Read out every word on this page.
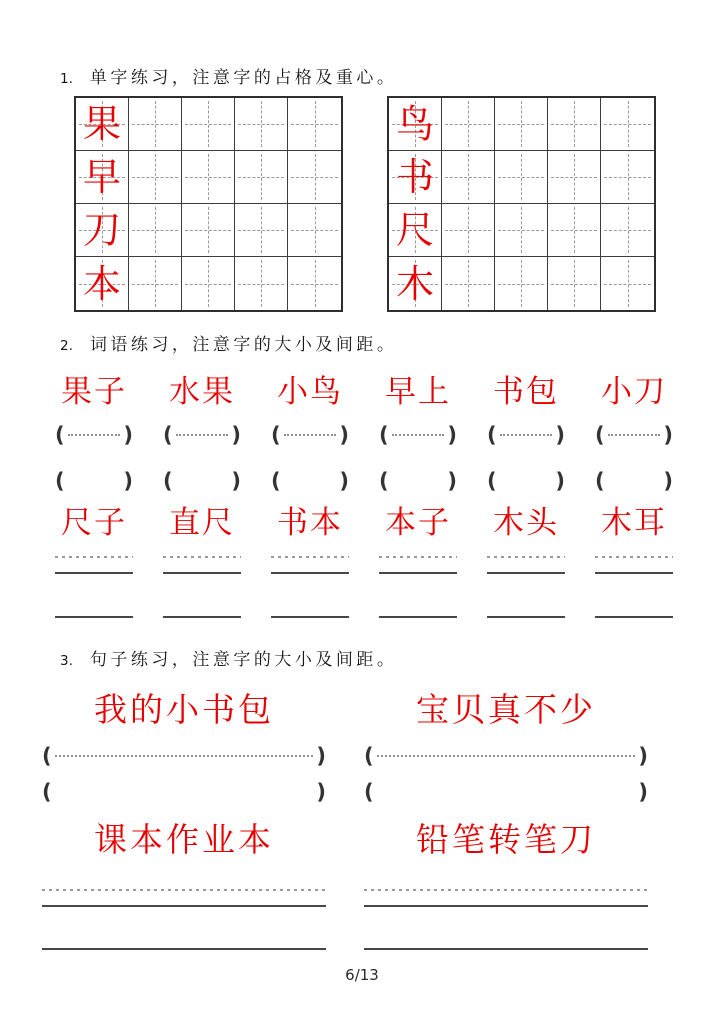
1. 单字练习，注意字的占格及重心。
果
早
刀
本
鸟
书
尺
木
2. 词语练习，注意字的大小及间距。
果子 水果 小鸟 早上 书包 小刀
(	) (	) (	) (	) (	) (	)
(	) (	) (	) (	) (	) (	)
尺子 直尺 书本 本子 木头 木耳
3. 句子练习，注意字的大小及间距。
我的小书包	宝贝真不少
(	) (	)
(	) (	)
课本作业本	铅笔转笔刀
6/13
